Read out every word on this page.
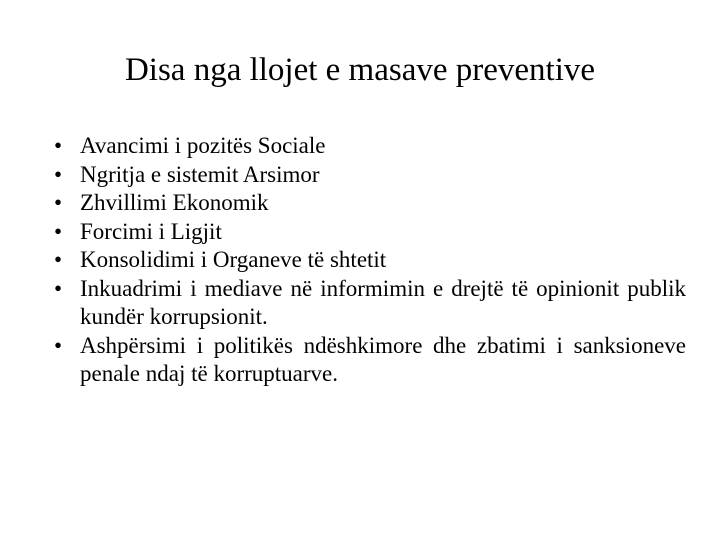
Disa nga llojet e masave preventive
•
Avancimi i pozitës Sociale
•
Ngritja e sistemit Arsimor
•
Zhvillimi Ekonomik
•
Forcimi i Ligjit
•
Konsolidimi i Organeve të shtetit
•
Inkuadrimi i mediave në informimin e drejtë të opinionit publik kundër korrupsionit.
•
Ashpërsimi i politikës ndëshkimore dhe zbatimi i sanksioneve penale ndaj të korruptuarve.
